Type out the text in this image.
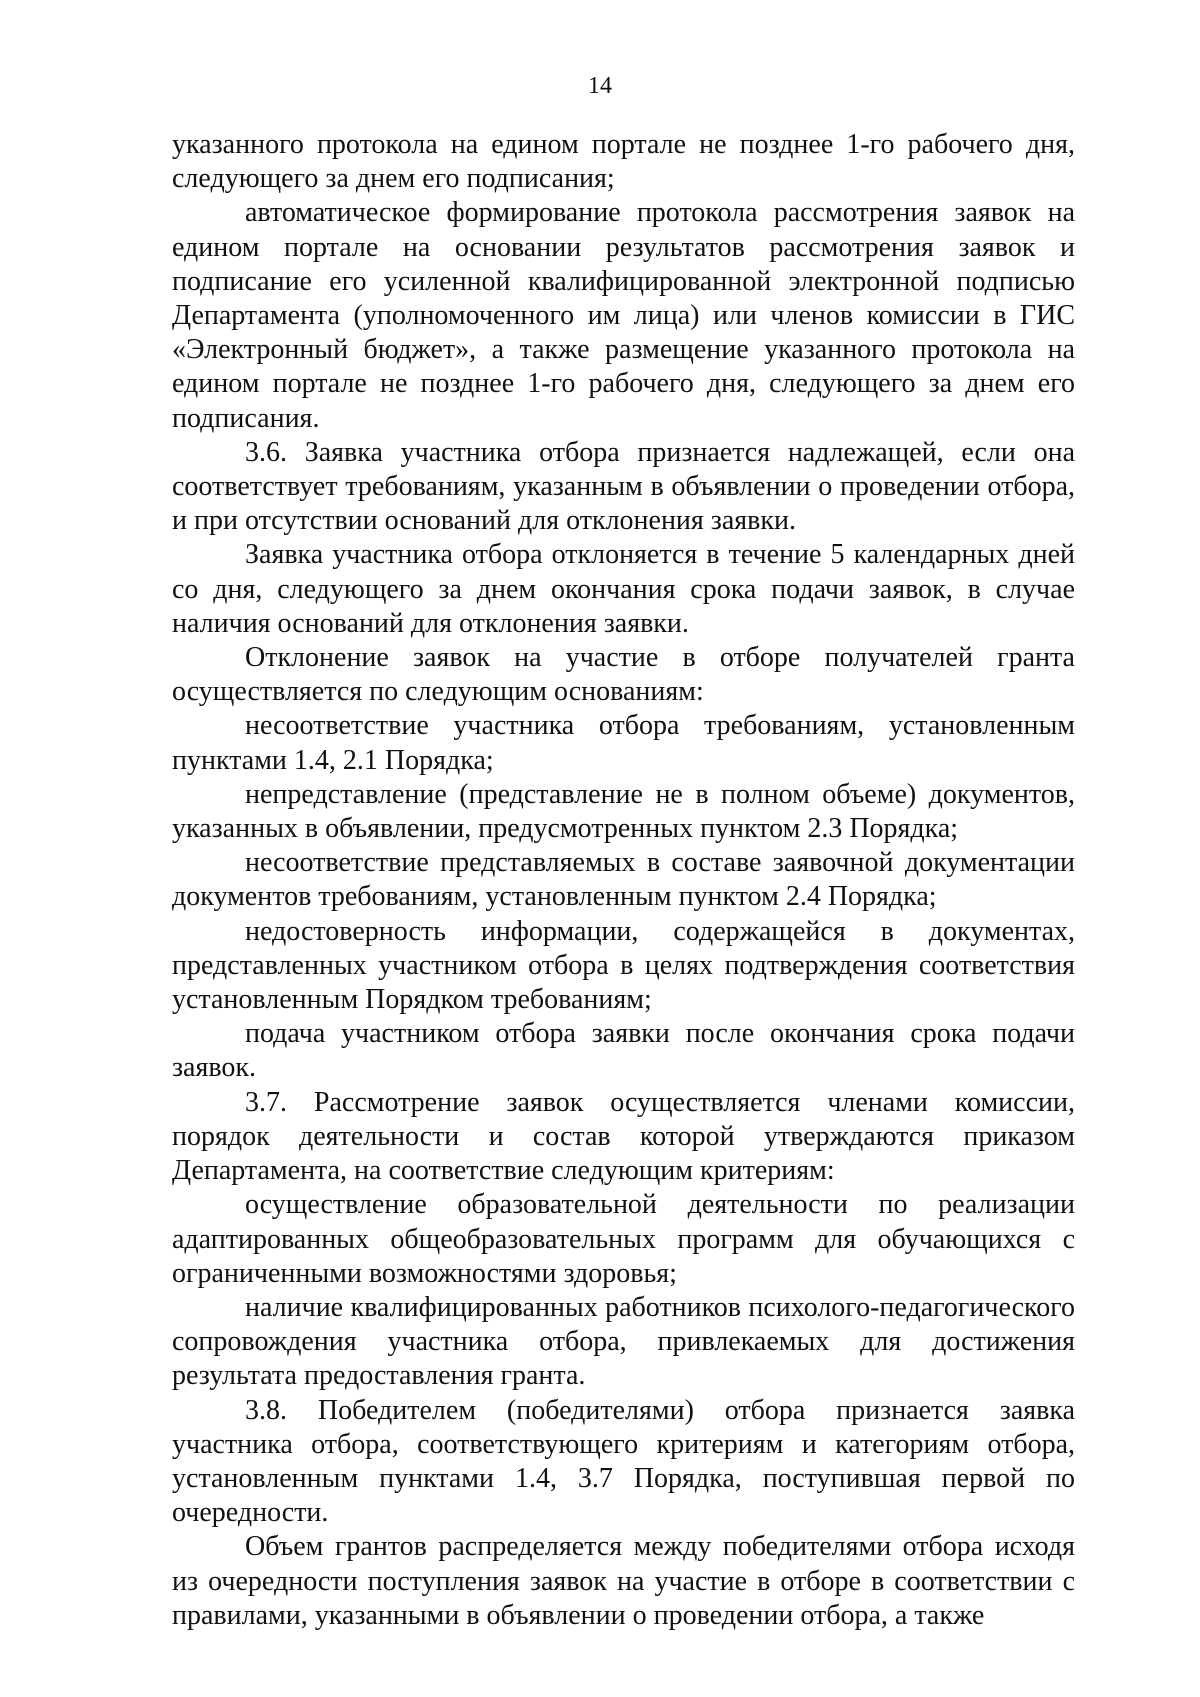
14

указанного протокола на едином портале не позднее 1-го рабочего дня, следующего за днем его подписания;

автоматическое формирование протокола рассмотрения заявок на едином портале на основании результатов рассмотрения заявок и подписание его усиленной квалифицированной электронной подписью Департамента (уполномоченного им лица) или членов комиссии в ГИС «Электронный бюджет», а также размещение указанного протокола на едином портале не позднее 1-го рабочего дня, следующего за днем его подписания.

3.6. Заявка участника отбора признается надлежащей, если она соответствует требованиям, указанным в объявлении о проведении отбора, и при отсутствии оснований для отклонения заявки.

Заявка участника отбора отклоняется в течение 5 календарных дней со дня, следующего за днем окончания срока подачи заявок, в случае наличия оснований для отклонения заявки.

Отклонение заявок на участие в отборе получателей гранта осуществляется по следующим основаниям:

несоответствие участника отбора требованиям, установленным пунктами 1.4, 2.1 Порядка;

непредставление (представление не в полном объеме) документов, указанных в объявлении, предусмотренных пунктом 2.3 Порядка;

несоответствие представляемых в составе заявочной документации документов требованиям, установленным пунктом 2.4 Порядка;

недостоверность информации, содержащейся в документах, представленных участником отбора в целях подтверждения соответствия установленным Порядком требованиям;

подача участником отбора заявки после окончания срока подачи заявок.

3.7. Рассмотрение заявок осуществляется членами комиссии, порядок деятельности и состав которой утверждаются приказом Департамента, на соответствие следующим критериям:

осуществление образовательной деятельности по реализации адаптированных общеобразовательных программ для обучающихся с ограниченными возможностями здоровья;

наличие квалифицированных работников психолого-педагогического сопровождения участника отбора, привлекаемых для достижения результата предоставления гранта.

3.8. Победителем (победителями) отбора признается заявка участника отбора, соответствующего критериям и категориям отбора, установленным пунктами 1.4, 3.7 Порядка, поступившая первой по очередности.

Объем грантов распределяется между победителями отбора исходя из очередности поступления заявок на участие в отборе в соответствии с правилами, указанными в объявлении о проведении отбора, а также
